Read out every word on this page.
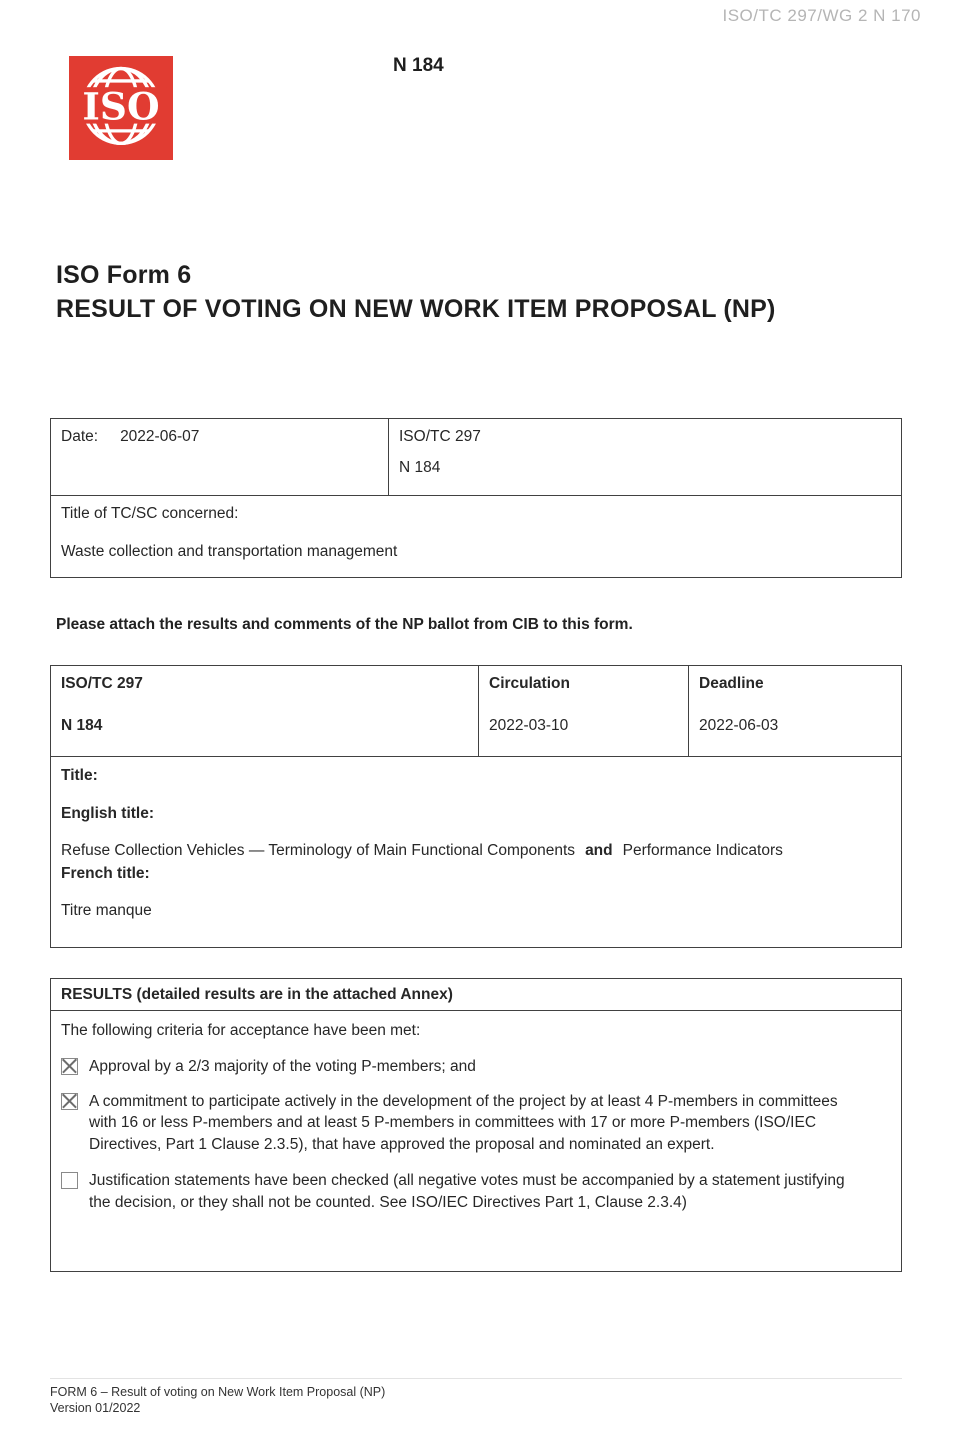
ISO/TC 297/WG 2 N 170
ISO
N 184
ISO Form 6
RESULT OF VOTING ON NEW WORK ITEM PROPOSAL (NP)
Date: 2022-06-07	ISO/TC 297
N 184
Title of TC/SC concerned:
Waste collection and transportation management
Please attach the results and comments of the NP ballot from CIB to this form.
ISO/TC 297
N 184
Circulation
2022-03-10
Deadline
2022-06-03
Title:
English title:
Refuse Collection Vehicles — Terminology of Main Functional Components and Performance Indicators
French title:
Titre manque
RESULTS (detailed results are in the attached Annex)
The following criteria for acceptance have been met:
Approval by a 2/3 majority of the voting P-members; and
A commitment to participate actively in the development of the project by at least 4 P-members in committees with 16 or less P-members and at least 5 P-members in committees with 17 or more P-members (ISO/IEC Directives, Part 1 Clause 2.3.5), that have approved the proposal and nominated an expert.
Justification statements have been checked (all negative votes must be accompanied by a statement justifying the decision, or they shall not be counted. See ISO/IEC Directives Part 1, Clause 2.3.4)
FORM 6 – Result of voting on New Work Item Proposal (NP)
Version 01/2022
